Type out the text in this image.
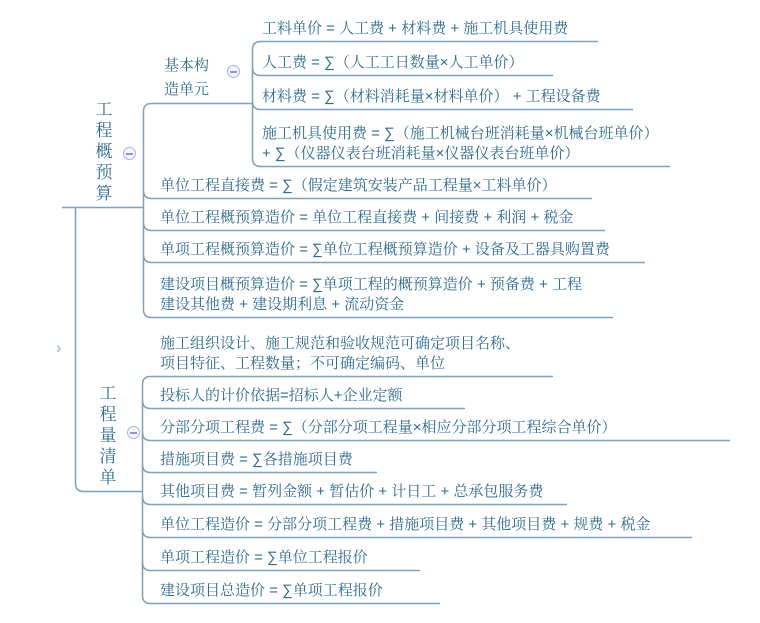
›
工程概预算
基本构
造单元
工料单价 = 人工费 + 材料费 + 施工机具使用费
人工费 = ∑（人工工日数量×人工单价）
材料费 = ∑（材料消耗量×材料单价） + 工程设备费
施工机具使用费 = ∑（施工机械台班消耗量×机械台班单价）
+ ∑（仪器仪表台班消耗量×仪器仪表台班单价）
单位工程直接费 = ∑（假定建筑安装产品工程量×工料单价）
单位工程概预算造价 = 单位工程直接费 + 间接费 + 利润 + 税金
单项工程概预算造价 = ∑单位工程概预算造价 + 设备及工器具购置费
建设项目概预算造价 = ∑单项工程的概预算造价 + 预备费 + 工程
建设其他费 + 建设期利息 + 流动资金
工程量清单
施工组织设计、施工规范和验收规范可确定项目名称、
项目特征、工程数量；不可确定编码、单位
投标人的计价依据=招标人+企业定额
分部分项工程费 = ∑（分部分项工程量×相应分部分项工程综合单价）
措施项目费 = ∑各措施项目费
其他项目费 = 暂列金额 + 暂估价 + 计日工 + 总承包服务费
单位工程造价 = 分部分项工程费 + 措施项目费 + 其他项目费 + 规费 + 税金
单项工程造价 = ∑单位工程报价
建设项目总造价 = ∑单项工程报价
